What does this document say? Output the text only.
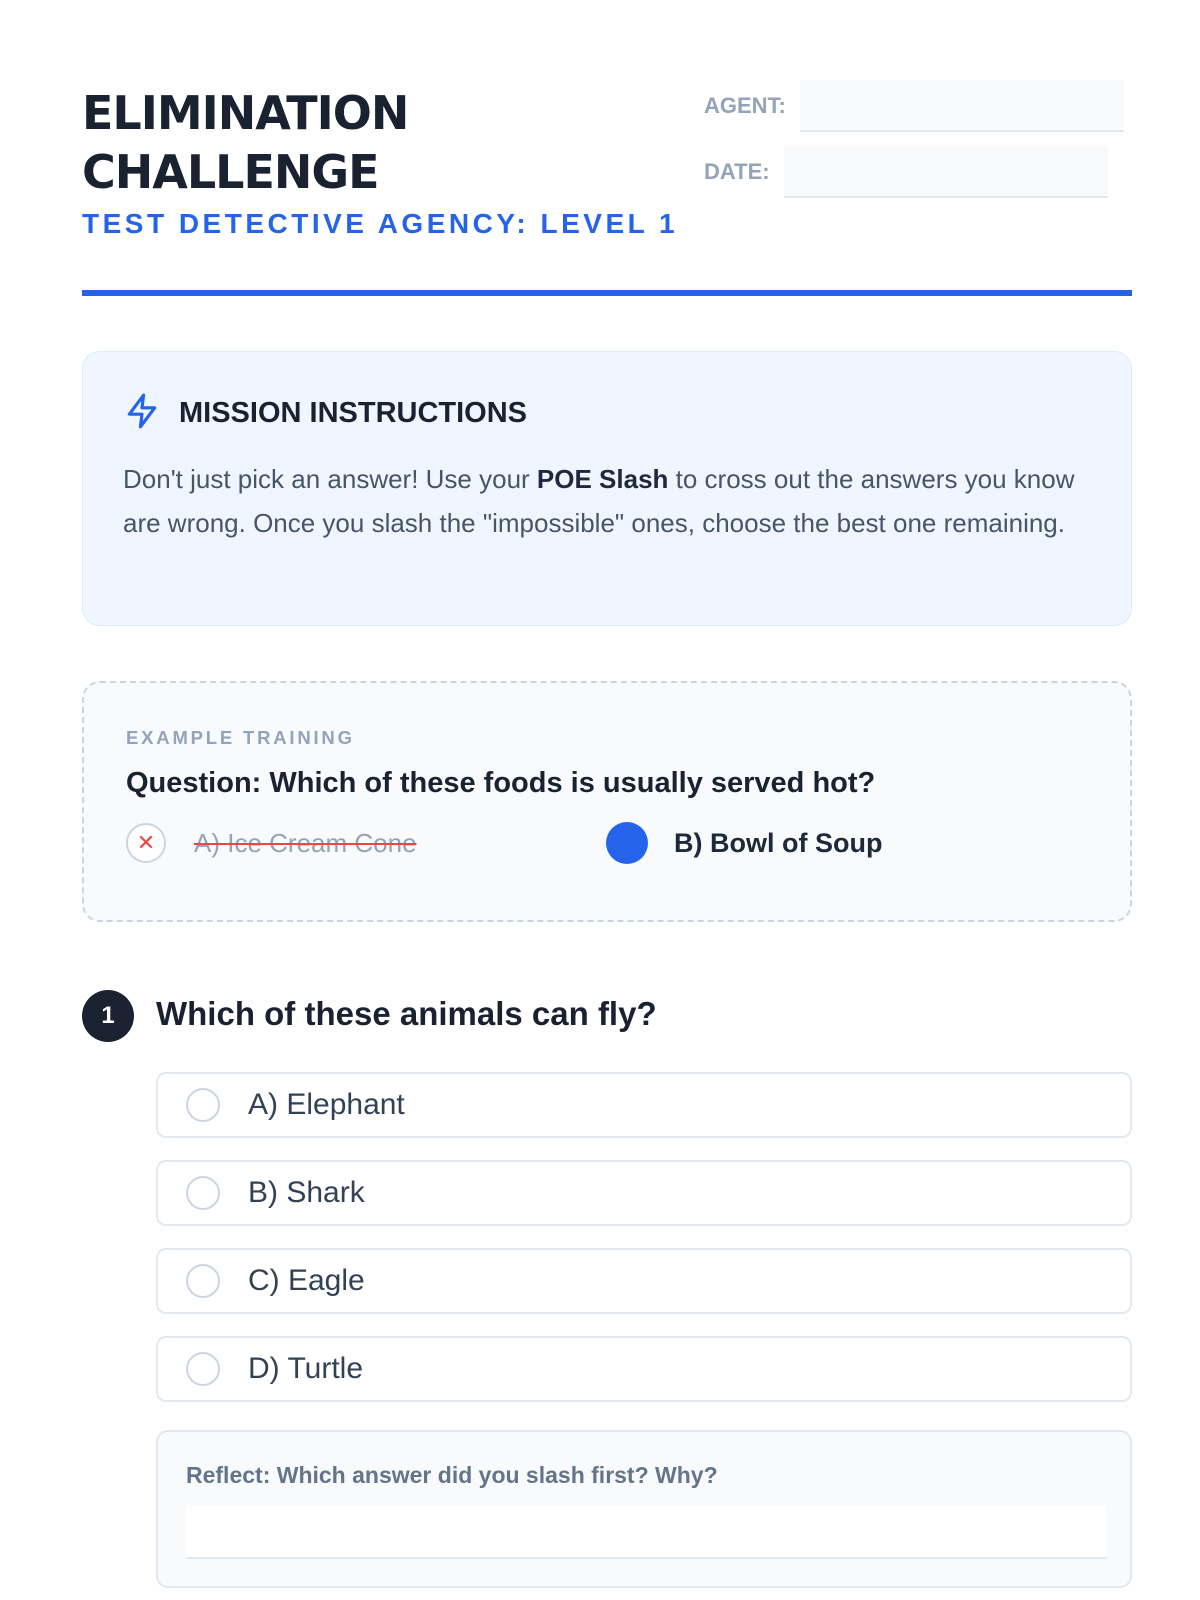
ELIMINATION
CHALLENGE
TEST DETECTIVE AGENCY: LEVEL 1
AGENT:
DATE:
MISSION INSTRUCTIONS

Don't just pick an answer! Use your POE Slash to cross out the answers you know are wrong. Once you slash the "impossible" ones, choose the best one remaining.

EXAMPLE TRAINING
Question: Which of these foods is usually served hot?
✕	A) Ice Cream Cone	B) Bowl of Soup
1	Which of these animals can fly?
A) Elephant
B) Shark
C) Eagle
D) Turtle
Reflect: Which answer did you slash first? Why?
